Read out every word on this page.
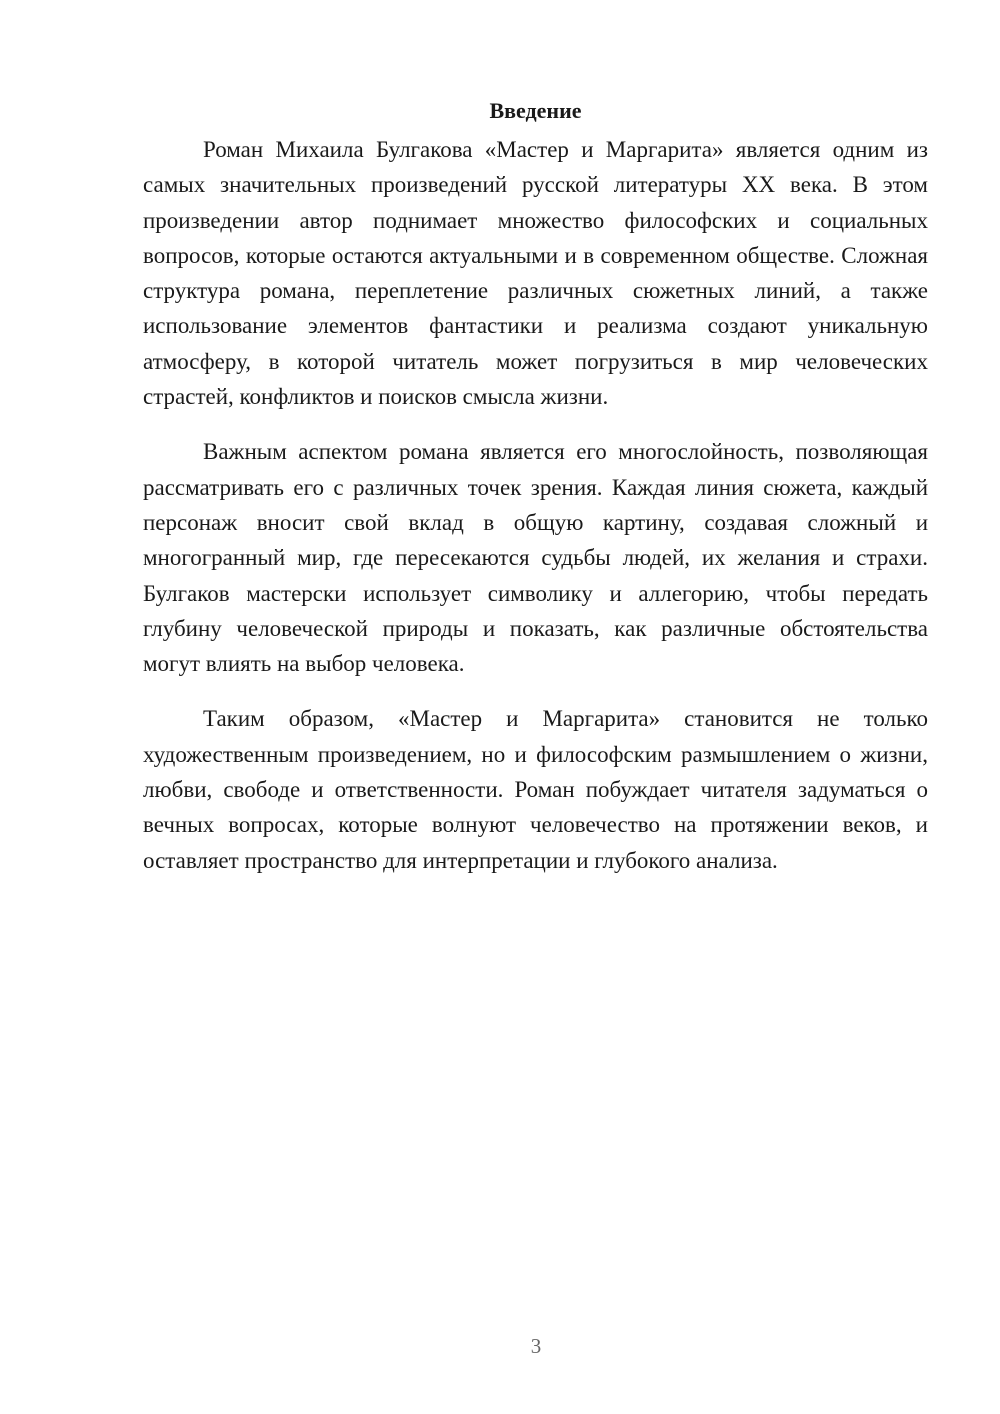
Введение

Роман Михаила Булгакова «Мастер и Маргарита» является одним из самых значительных произведений русской литературы XX века. В этом произведении автор поднимает множество философских и социальных вопросов, которые остаются актуальными и в современном обществе. Сложная структура романа, переплетение различных сюжетных линий, а также использование элементов фантастики и реализма создают уникальную атмосферу, в которой читатель может погрузиться в мир человеческих страстей, конфликтов и поисков смысла жизни.

Важным аспектом романа является его многослойность, позволяющая рассматривать его с различных точек зрения. Каждая линия сюжета, каждый персонаж вносит свой вклад в общую картину, создавая сложный и многогранный мир, где пересекаются судьбы людей, их желания и страхи. Булгаков мастерски использует символику и аллегорию, чтобы передать глубину человеческой природы и показать, как различные обстоятельства могут влиять на выбор человека.

Таким образом, «Мастер и Маргарита» становится не только художественным произведением, но и философским размышлением о жизни, любви, свободе и ответственности. Роман побуждает читателя задуматься о вечных вопросах, которые волнуют человечество на протяжении веков, и оставляет пространство для интерпретации и глубокого анализа.

3
